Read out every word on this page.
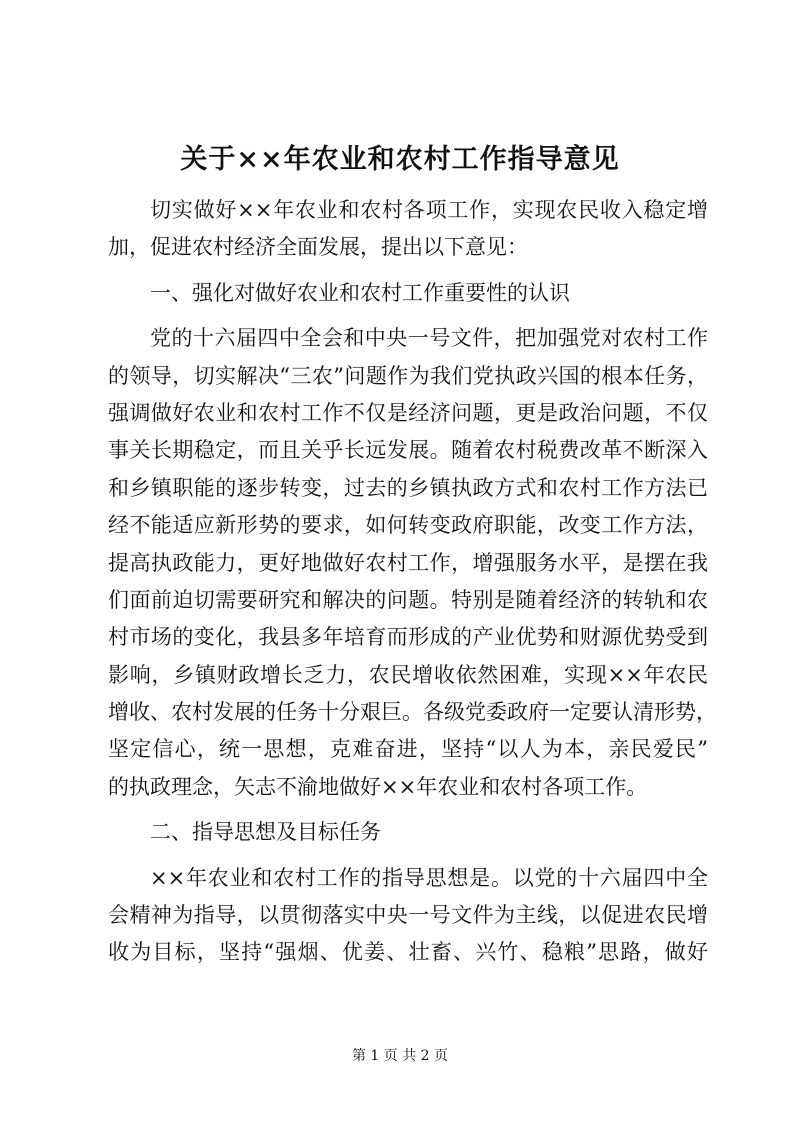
关于××年农业和农村工作指导意见
切实做好××年农业和农村各项工作，实现农民收入稳定增
加，促进农村经济全面发展，提出以下意见：
一、强化对做好农业和农村工作重要性的认识
党的十六届四中全会和中央一号文件，把加强党对农村工作
的领导，切实解决“三农”问题作为我们党执政兴国的根本任务，
强调做好农业和农村工作不仅是经济问题，更是政治问题，不仅
事关长期稳定，而且关乎长远发展。随着农村税费改革不断深入
和乡镇职能的逐步转变，过去的乡镇执政方式和农村工作方法已
经不能适应新形势的要求，如何转变政府职能，改变工作方法，
提高执政能力，更好地做好农村工作，增强服务水平，是摆在我
们面前迫切需要研究和解决的问题。特别是随着经济的转轨和农
村市场的变化，我县多年培育而形成的产业优势和财源优势受到
影响，乡镇财政增长乏力，农民增收依然困难，实现××年农民
增收、农村发展的任务十分艰巨。各级党委政府一定要认清形势，
坚定信心，统一思想，克难奋进，坚持“以人为本，亲民爱民”
的执政理念，矢志不渝地做好××年农业和农村各项工作。
二、指导思想及目标任务
××年农业和农村工作的指导思想是。以党的十六届四中全
会精神为指导，以贯彻落实中央一号文件为主线，以促进农民增
收为目标，坚持“强烟、优姜、壮畜、兴竹、稳粮”思路，做好
第 1 页 共 2 页
